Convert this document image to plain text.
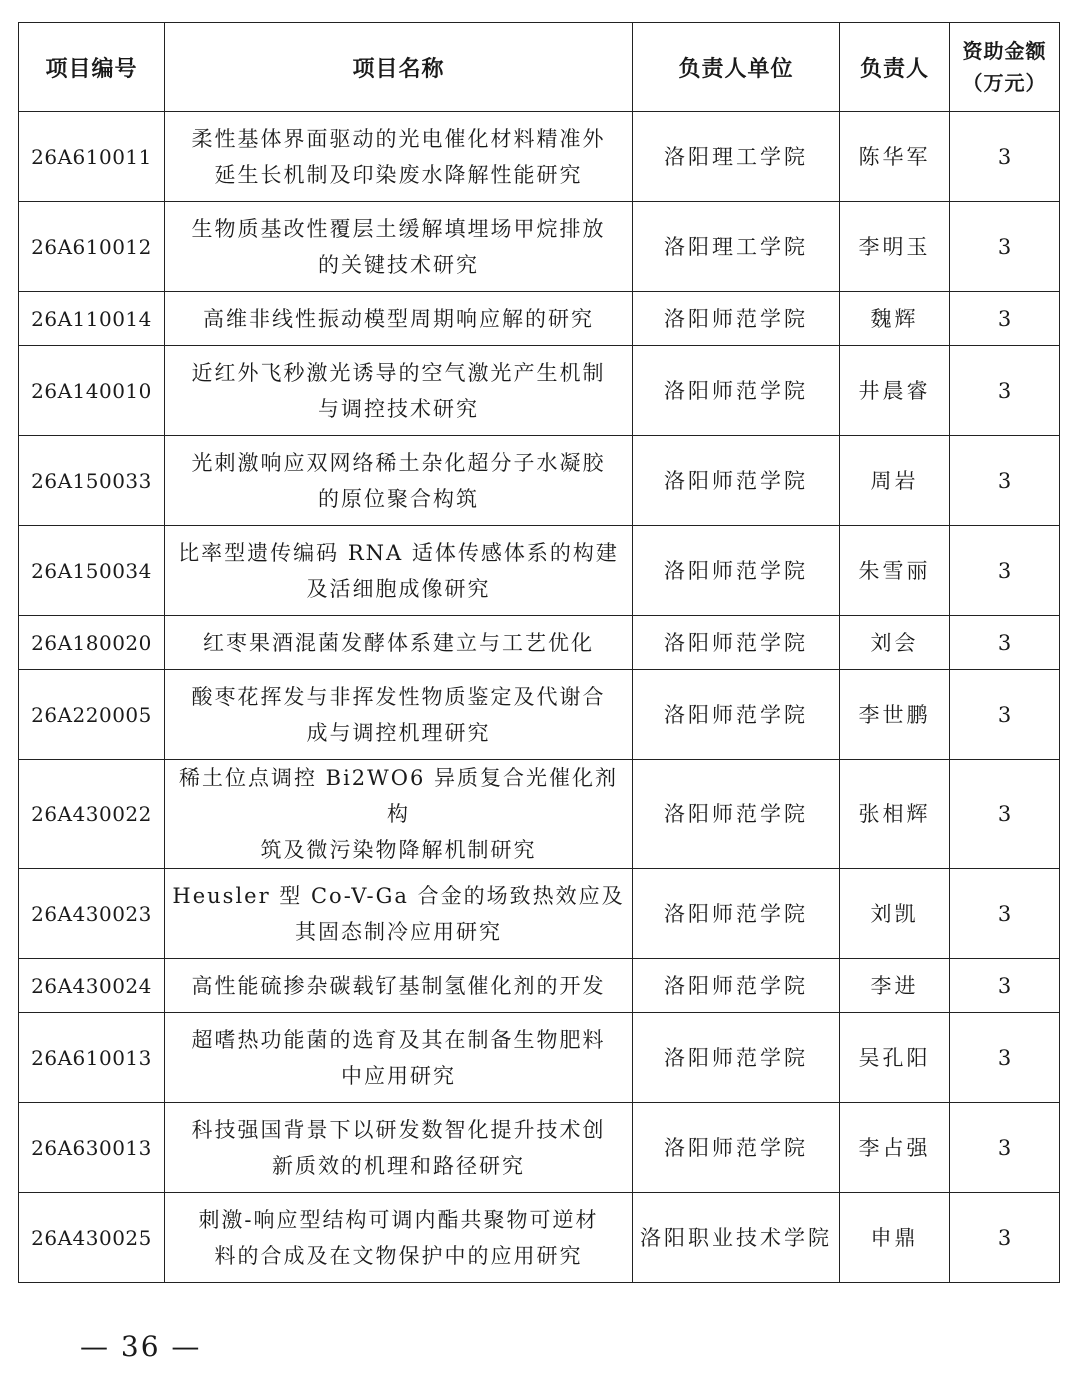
项目编号	项目名称	负责人单位	负责人	资助金额
（万元）

26A610011	柔性基体界面驱动的光电催化材料精准外
延生长机制及印染废水降解性能研究	洛阳理工学院	陈华军	3
26A610012	生物质基改性覆层土缓解填埋场甲烷排放
的关键技术研究	洛阳理工学院	李明玉	3
26A110014	高维非线性振动模型周期响应解的研究	洛阳师范学院	魏辉	3
26A140010	近红外飞秒激光诱导的空气激光产生机制
与调控技术研究	洛阳师范学院	井晨睿	3
26A150033	光刺激响应双网络稀土杂化超分子水凝胶
的原位聚合构筑	洛阳师范学院	周岩	3
26A150034	比率型遗传编码 RNA 适体传感体系的构建
及活细胞成像研究	洛阳师范学院	朱雪丽	3
26A180020	红枣果酒混菌发酵体系建立与工艺优化	洛阳师范学院	刘会	3
26A220005	酸枣花挥发与非挥发性物质鉴定及代谢合
成与调控机理研究	洛阳师范学院	李世鹏	3
26A430022	稀土位点调控 Bi2WO6 异质复合光催化剂构
筑及微污染物降解机制研究	洛阳师范学院	张相辉	3
26A430023	Heusler 型 Co-V-Ga 合金的场致热效应及
其固态制冷应用研究	洛阳师范学院	刘凯	3
26A430024	高性能硫掺杂碳载钌基制氢催化剂的开发	洛阳师范学院	李进	3
26A610013	超嗜热功能菌的选育及其在制备生物肥料
中应用研究	洛阳师范学院	吴孔阳	3
26A630013	科技强国背景下以研发数智化提升技术创
新质效的机理和路径研究	洛阳师范学院	李占强	3
26A430025	刺激-响应型结构可调内酯共聚物可逆材
料的合成及在文物保护中的应用研究	洛阳职业技术学院	申鼎	3
— 36 —
